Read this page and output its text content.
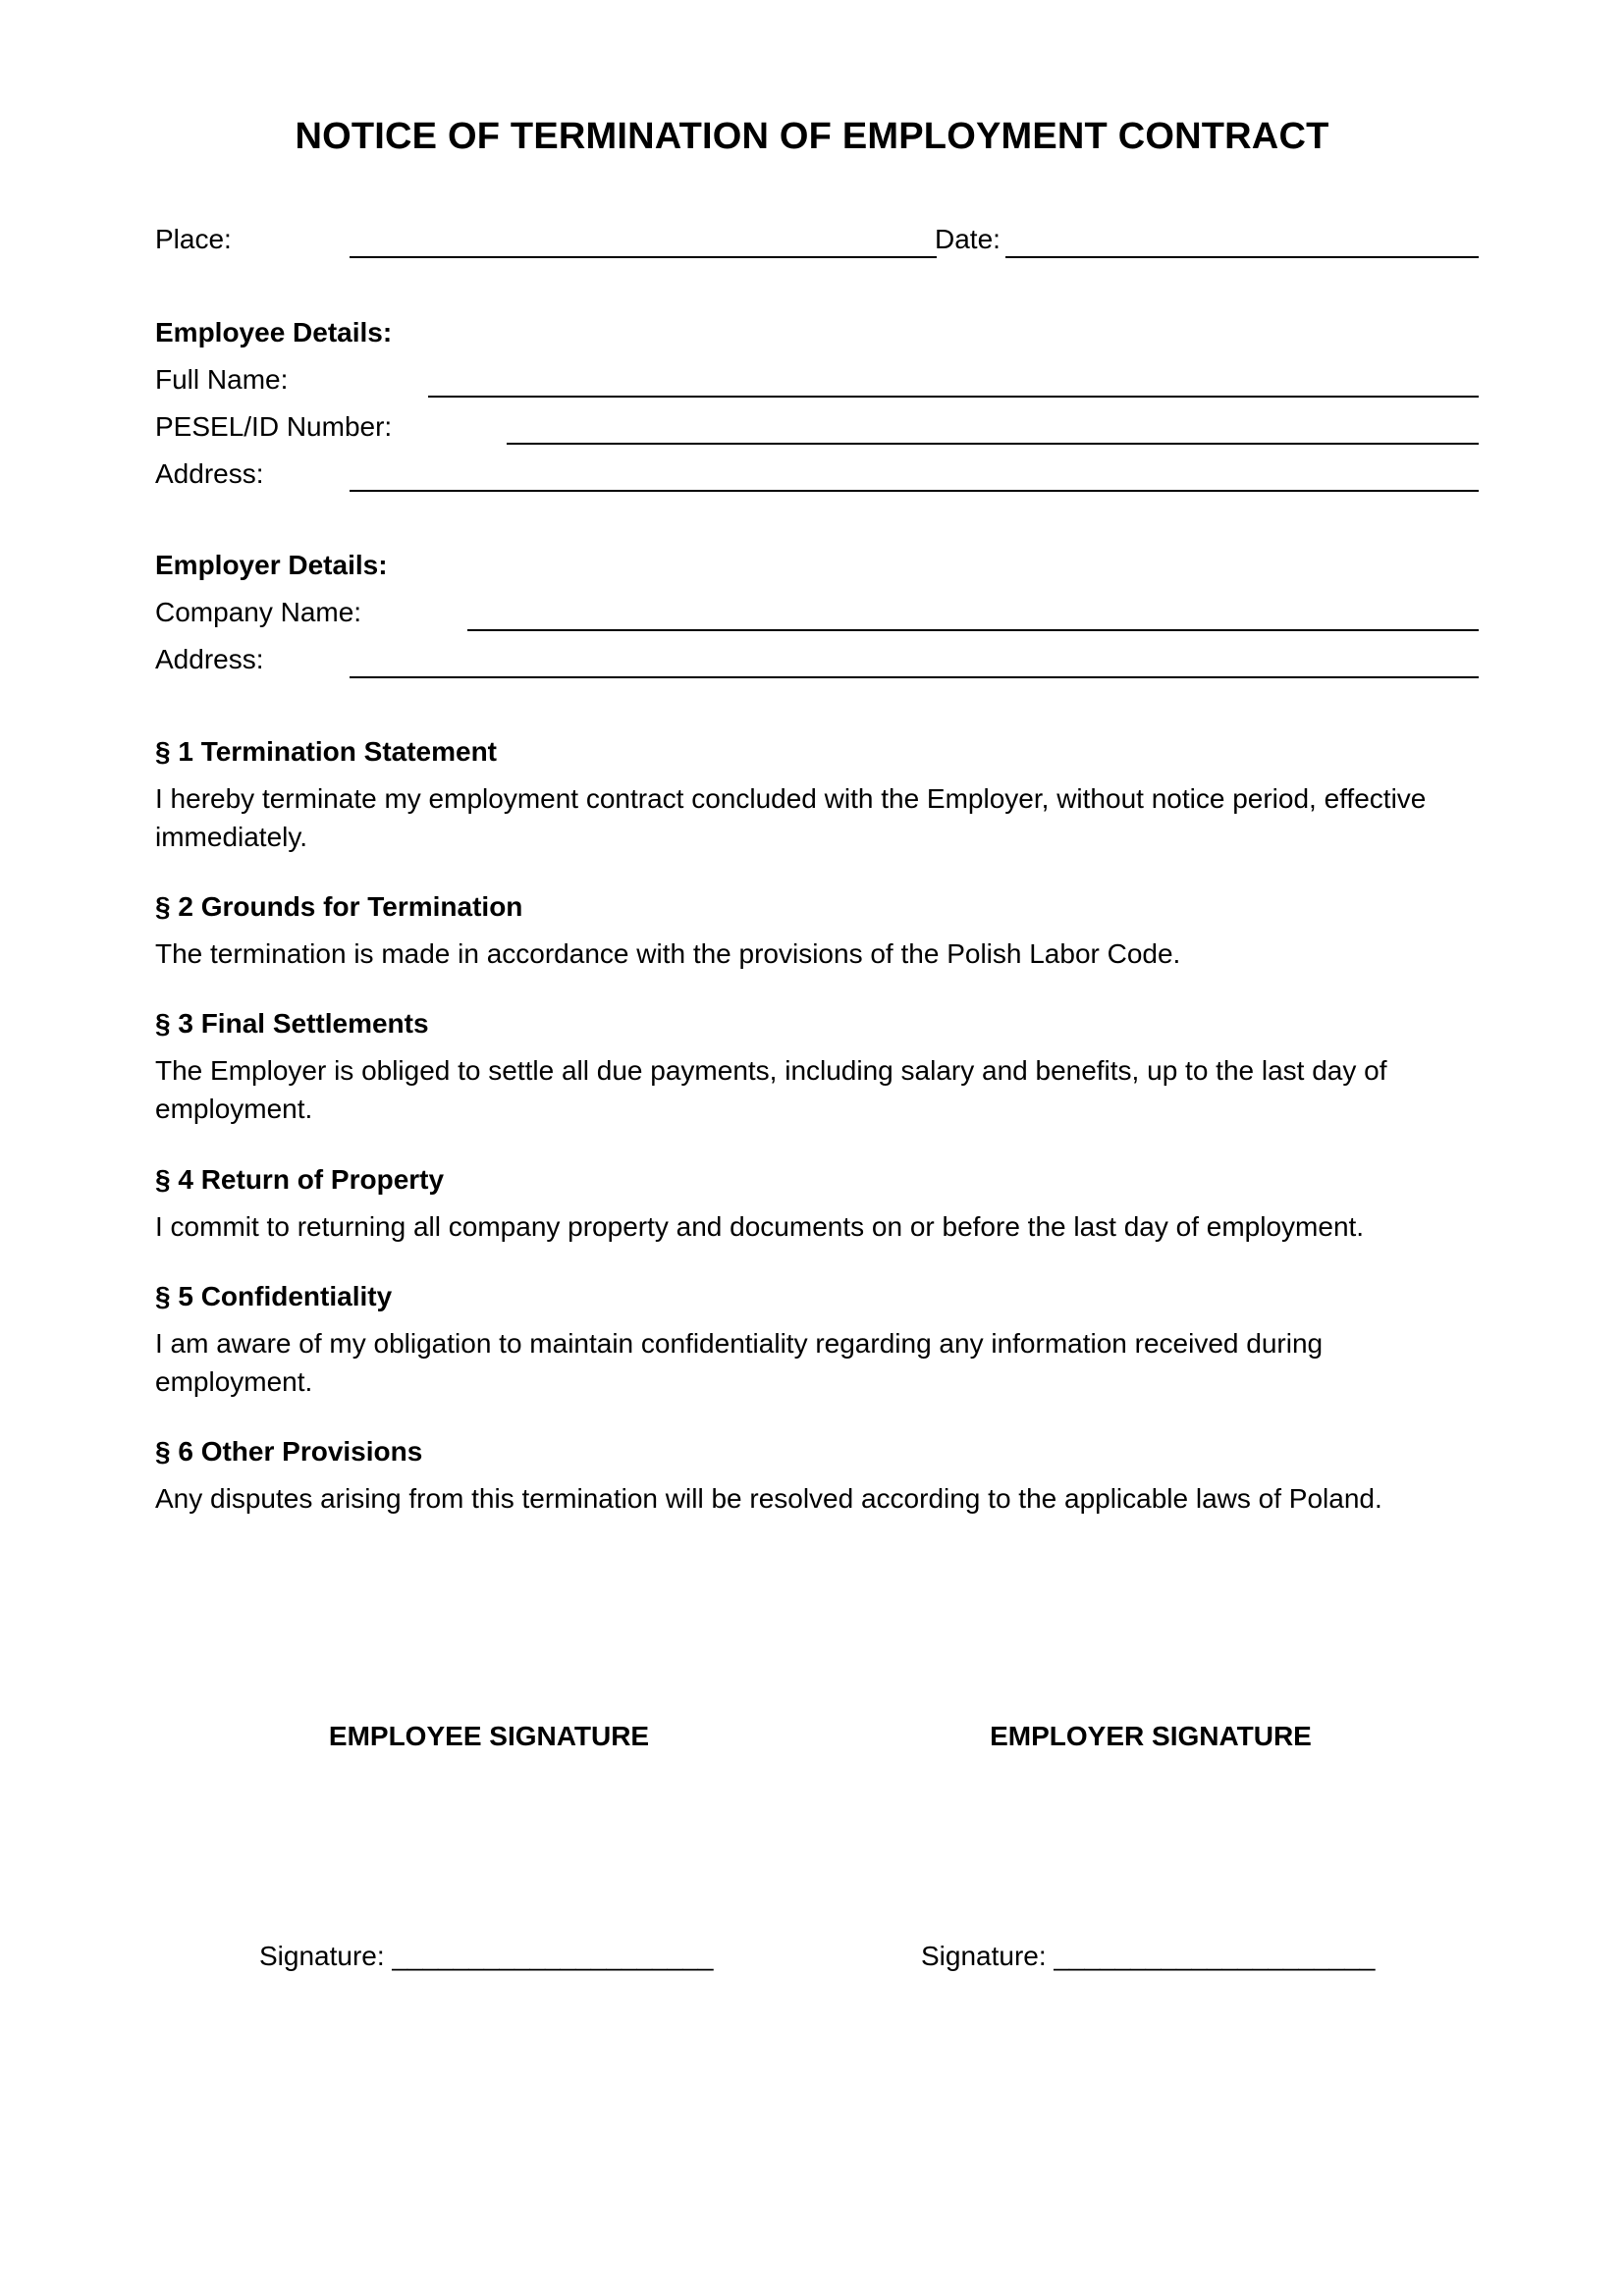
NOTICE OF TERMINATION OF EMPLOYMENT CONTRACT
Place:	Date:
Employee Details:
Full Name:
PESEL/ID Number:
Address:
Employer Details:
Company Name:
Address:
§ 1 Termination Statement
I hereby terminate my employment contract concluded with the Employer, without notice period, effective immediately.
§ 2 Grounds for Termination
The termination is made in accordance with the provisions of the Polish Labor Code.
§ 3 Final Settlements
The Employer is obliged to settle all due payments, including salary and benefits, up to the last day of employment.
§ 4 Return of Property
I commit to returning all company property and documents on or before the last day of employment.
§ 5 Confidentiality
I am aware of my obligation to maintain confidentiality regarding any information received during employment.
§ 6 Other Provisions
Any disputes arising from this termination will be resolved according to the applicable laws of Poland.
EMPLOYEE SIGNATURE	EMPLOYER SIGNATURE
Signature: _____________________	Signature: _____________________
